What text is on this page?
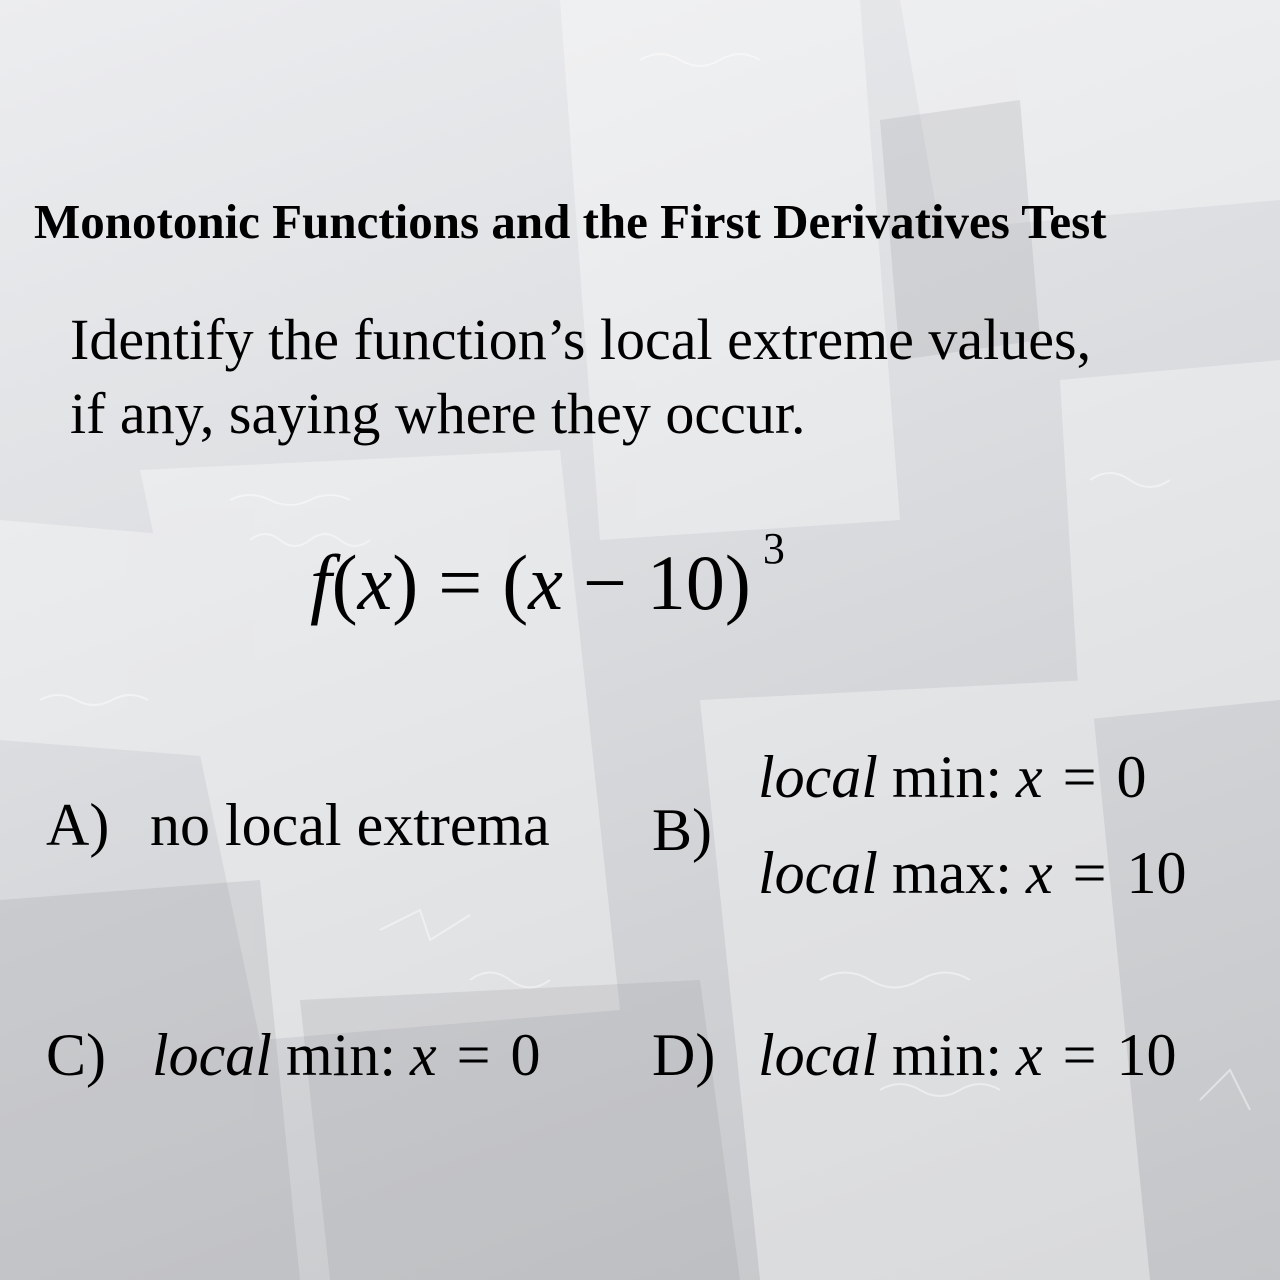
Monotonic Functions and the First Derivatives Test
Identify the function’s local extreme values,
if any, saying where they occur.
f(x) = (x − 10) $^3$
A) no local extrema B)
local min: x = 0
local max: x = 10
C) local min: x = 0 D) local min: x = 10
